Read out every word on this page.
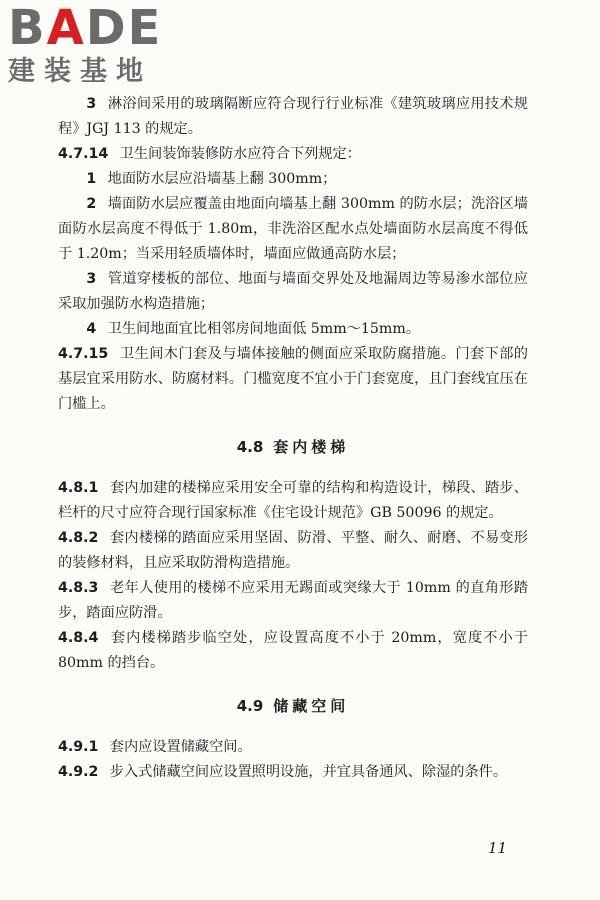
BADE
建装基地

3 淋浴间采用的玻璃隔断应符合现行行业标准《建筑玻璃应用技术规程》JGJ 113 的规定。

4.7.14 卫生间装饰装修防水应符合下列规定：

1 地面防水层应沿墙基上翻 300mm；

2 墙面防水层应覆盖由地面向墙基上翻 300mm 的防水层；洗浴区墙面防水层高度不得低于 1.80m，非洗浴区配水点处墙面防水层高度不得低于 1.20m；当采用轻质墙体时，墙面应做通高防水层；

3 管道穿楼板的部位、地面与墙面交界处及地漏周边等易渗水部位应采取加强防水构造措施；

4 卫生间地面宜比相邻房间地面低 5mm～15mm。

4.7.15 卫生间木门套及与墙体接触的侧面应采取防腐措施。门套下部的基层宜采用防水、防腐材料。门槛宽度不宜小于门套宽度，且门套线宜压在门槛上。

4.8 套内楼梯

4.8.1 套内加建的楼梯应采用安全可靠的结构和构造设计，梯段、踏步、栏杆的尺寸应符合现行国家标准《住宅设计规范》GB 50096 的规定。

4.8.2 套内楼梯的踏面应采用坚固、防滑、平整、耐久、耐磨、不易变形的装修材料，且应采取防滑构造措施。

4.8.3 老年人使用的楼梯不应采用无踢面或突缘大于 10mm 的直角形踏步，踏面应防滑。

4.8.4 套内楼梯踏步临空处，应设置高度不小于 20mm，宽度不小于 80mm 的挡台。

4.9 储藏空间

4.9.1 套内应设置储藏空间。

4.9.2 步入式储藏空间应设置照明设施，并宜具备通风、除湿的条件。

11
